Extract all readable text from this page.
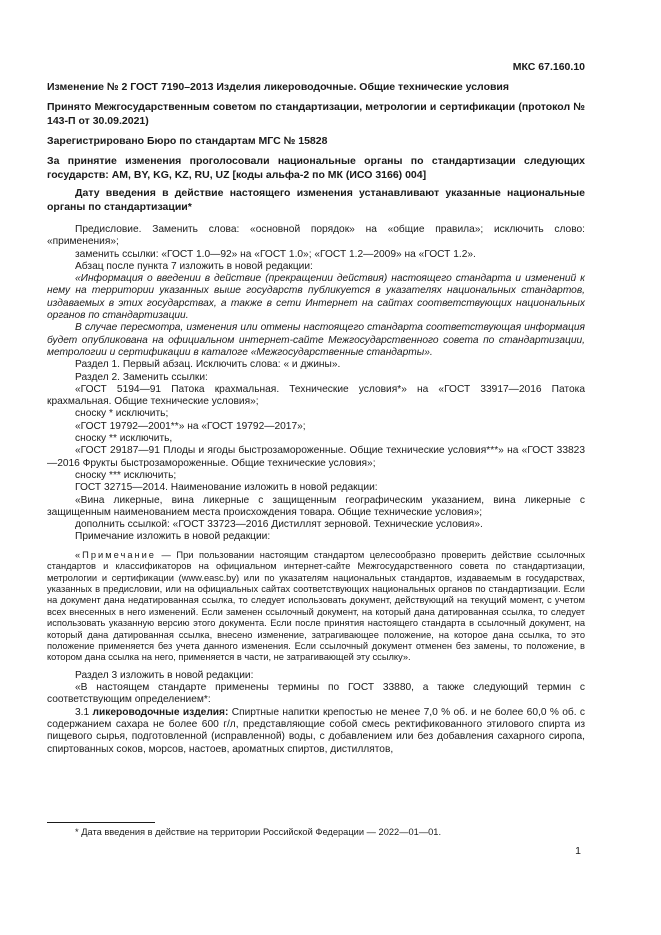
МКС 67.160.10
Изменение № 2 ГОСТ 7190–2013 Изделия ликероводочные. Общие технические условия
Принято Межгосударственным советом по стандартизации, метрологии и сертификации (протокол № 143-П от 30.09.2021)
Зарегистрировано Бюро по стандартам МГС № 15828
За принятие изменения проголосовали национальные органы по стандартизации следующих государств: AM, BY, KG, KZ, RU, UZ [коды альфа-2 по МК (ИСО 3166) 004]
Дату введения в действие настоящего изменения устанавливают указанные национальные органы по стандартизации*

Предисловие. Заменить слова: «основной порядок» на «общие правила»; исключить слово: «применения»;

заменить ссылки: «ГОСТ 1.0—92» на «ГОСТ 1.0»; «ГОСТ 1.2—2009» на «ГОСТ 1.2».

Абзац после пункта 7 изложить в новой редакции:

«Информация о введении в действие (прекращении действия) настоящего стандарта и изменений к нему на территории указанных выше государств публикуется в указателях национальных стандартов, издаваемых в этих государствах, а также в сети Интернет на сайтах соответствующих национальных органов по стандартизации.

В случае пересмотра, изменения или отмены настоящего стандарта соответствующая информация будет опубликована на официальном интернет-сайте Межгосударственного совета по стандартизации, метрологии и сертификации в каталоге «Межгосударственные стандарты».

Раздел 1. Первый абзац. Исключить слова: « и джины».

Раздел 2. Заменить ссылки:

«ГОСТ 5194—91 Патока крахмальная. Технические условия*» на «ГОСТ 33917—2016 Патока крахмальная. Общие технические условия»;

сноску * исключить;

«ГОСТ 19792—2001**» на «ГОСТ 19792—2017»;

сноску ** исключить,

«ГОСТ 29187—91 Плоды и ягоды быстрозамороженные. Общие технические условия***» на «ГОСТ 33823—2016 Фрукты быстрозамороженные. Общие технические условия»;

сноску *** исключить;

ГОСТ 32715—2014. Наименование изложить в новой редакции:

«Вина ликерные, вина ликерные с защищенным географическим указанием, вина ликерные с защищенным наименованием места происхождения товара. Общие технические условия»;

дополнить ссылкой: «ГОСТ 33723—2016 Дистиллят зерновой. Технические условия».

Примечание изложить в новой редакции:

«Примечание — При пользовании настоящим стандартом целесообразно проверить действие ссылочных стандартов и классификаторов на официальном интернет-сайте Межгосударственного совета по стандартизации, метрологии и сертификации (www.easc.by) или по указателям национальных стандартов, издаваемым в государствах, указанных в предисловии, или на официальных сайтах соответствующих национальных органов по стандартизации. Если на документ дана недатированная ссылка, то следует использовать документ, действующий на текущий момент, с учетом всех внесенных в него изменений. Если заменен ссылочный документ, на который дана датированная ссылка, то следует использовать указанную версию этого документа. Если после принятия настоящего стандарта в ссылочный документ, на который дана датированная ссылка, внесено изменение, затрагивающее положение, на которое дана ссылка, то это положение применяется без учета данного изменения. Если ссылочный документ отменен без замены, то положение, в котором дана ссылка на него, применяется в части, не затрагивающей эту ссылку».

Раздел 3 изложить в новой редакции:

«В настоящем стандарте применены термины по ГОСТ 33880, а также следующий термин с соответствующим определением*:

3.1 ликероводочные изделия: Спиртные напитки крепостью не менее 7,0 % об. и не более 60,0 % об. с содержанием сахара не более 600 г/л, представляющие собой смесь ректификованного этилового спирта из пищевого сырья, подготовленной (исправленной) воды, с добавлением или без добавления сахарного сиропа, спиртованных соков, морсов, настоев, ароматных спиртов, дистиллятов,

* Дата введения в действие на территории Российской Федерации — 2022—01—01.
1
